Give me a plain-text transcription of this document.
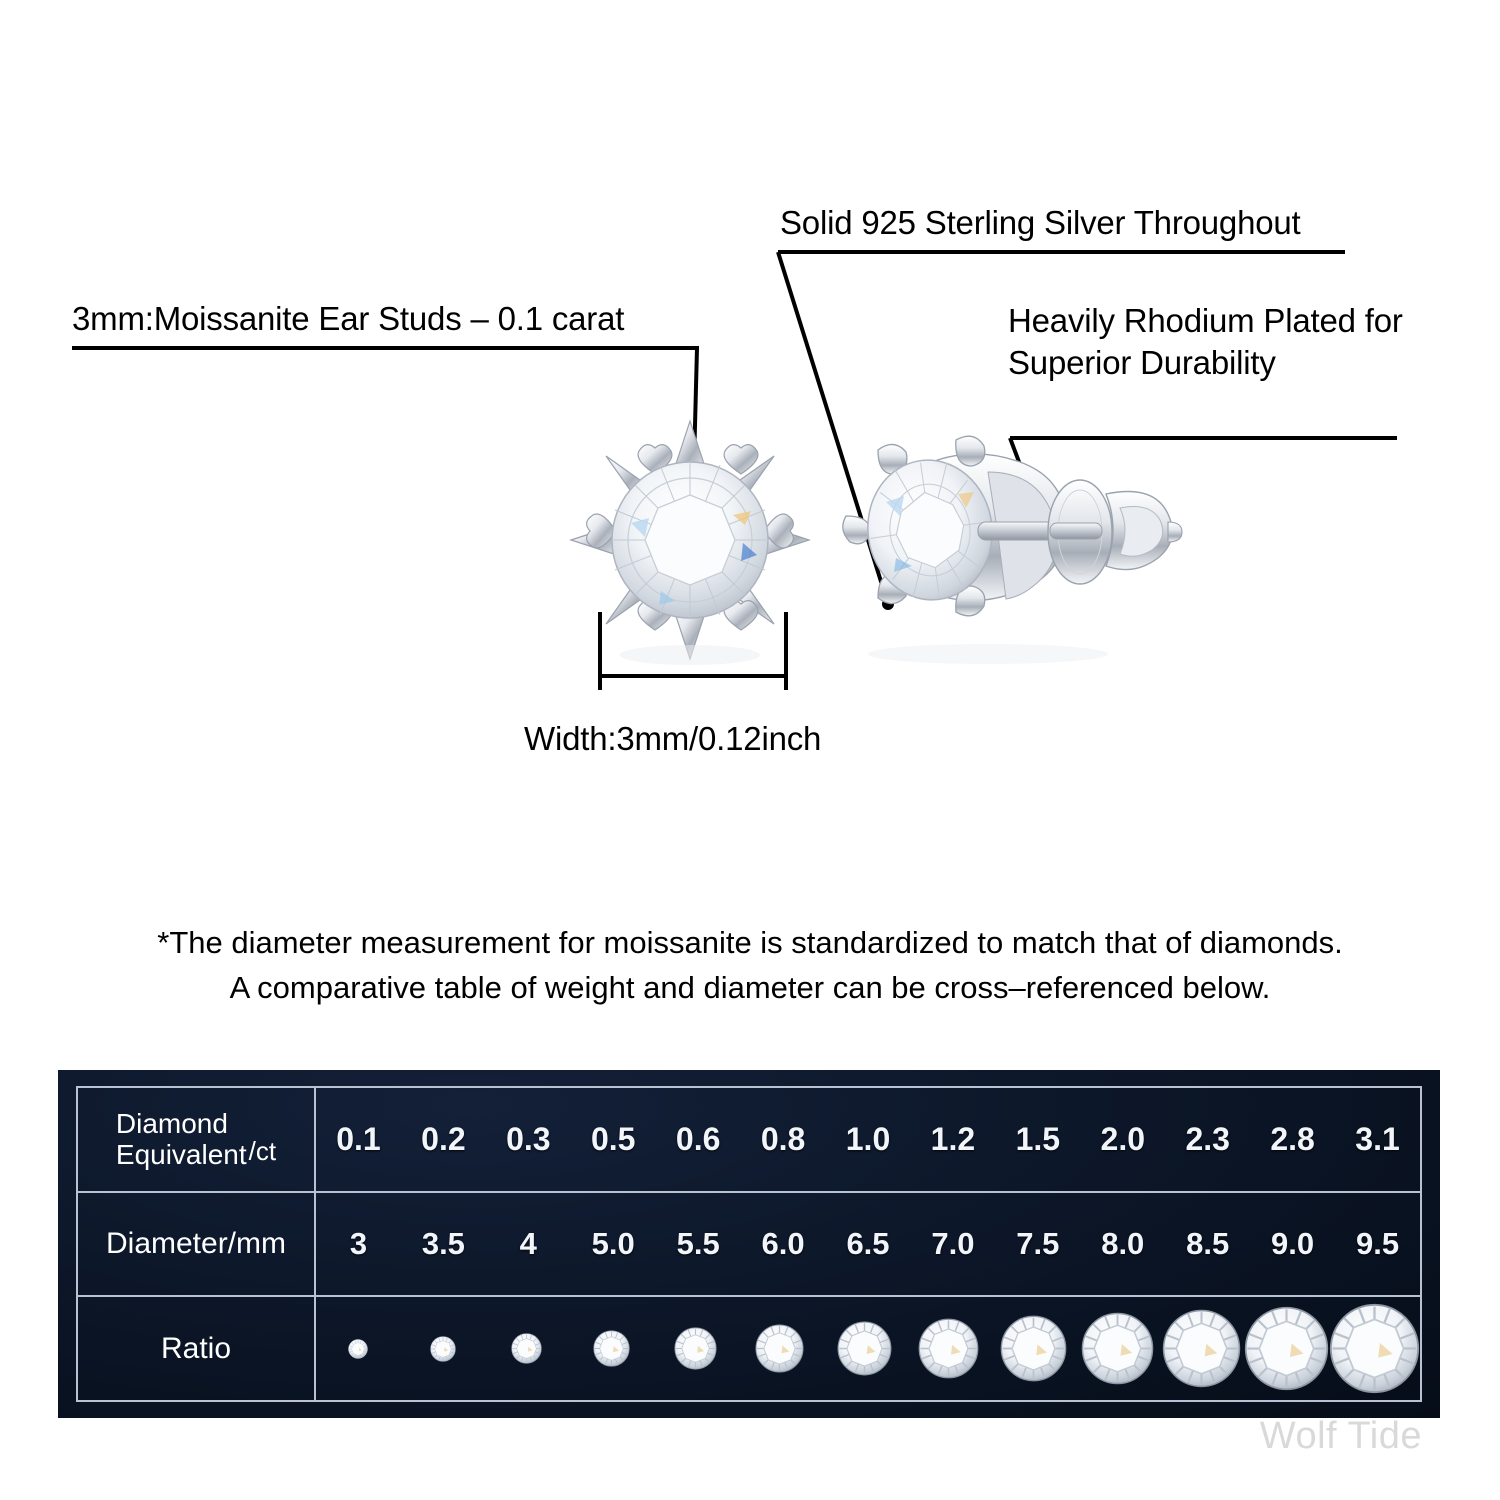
3mm:Moissanite Ear Studs – 0.1 carat
Solid 925 Sterling Silver Throughout
Heavily Rhodium Plated for
Superior Durability
Width:3mm/0.12inch
*The diameter measurement for moissanite is standardized to match that of diamonds.
A comparative table of weight and diameter can be cross–referenced below.
Diamond
Equivalent /ct	0.1	0.2	0.3	0.5	0.6	0.8	1.0	1.2	1.5	2.0	2.3	2.8	3.1
Diameter/mm	3	3.5	4	5.0	5.5	6.0	6.5	7.0	7.5	8.0	8.5	9.0	9.5
Ratio
Wolf Tide
